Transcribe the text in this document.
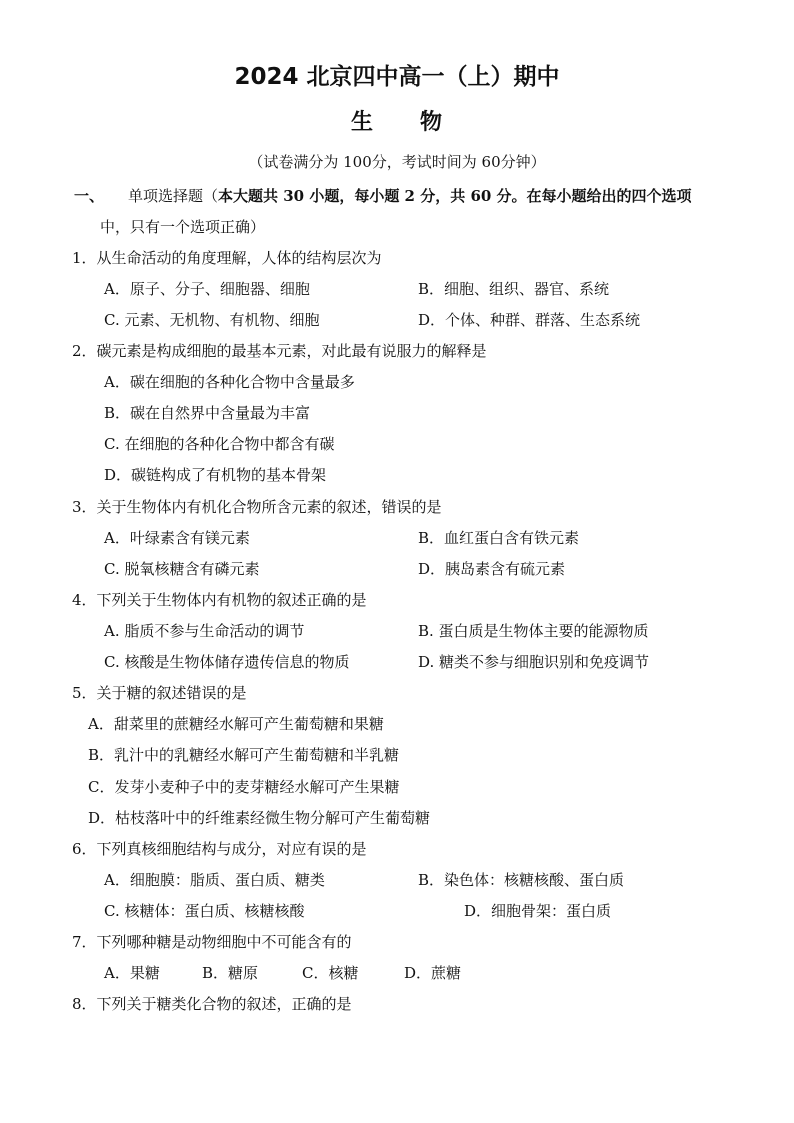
2024 北京四中高一（上）期中
生　　物
（试卷满分为 100分，考试时间为 60分钟）
一、 单项选择题（本大题共 30 小题，每小题 2 分，共 60 分。在每小题给出的四个选项
中，只有一个选项正确）
1．从生命活动的角度理解，人体的结构层次为
A．原子、分子、细胞器、细胞	B．细胞、组织、器官、系统
C. 元素、无机物、有机物、细胞	D．个体、种群、群落、生态系统
2．碳元素是构成细胞的最基本元素，对此最有说服力的解释是
A．碳在细胞的各种化合物中含量最多
B．碳在自然界中含量最为丰富
C. 在细胞的各种化合物中都含有碳
D．碳链构成了有机物的基本骨架
3．关于生物体内有机化合物所含元素的叙述，错误的是
A．叶绿素含有镁元素	B．血红蛋白含有铁元素
C. 脱氧核糖含有磷元素	D．胰岛素含有硫元素
4．下列关于生物体内有机物的叙述正确的是
A. 脂质不参与生命活动的调节	B. 蛋白质是生物体主要的能源物质
C. 核酸是生物体储存遗传信息的物质	D. 糖类不参与细胞识别和免疫调节
5．关于糖的叙述错误的是
A．甜菜里的蔗糖经水解可产生葡萄糖和果糖
B．乳汁中的乳糖经水解可产生葡萄糖和半乳糖
C．发芽小麦种子中的麦芽糖经水解可产生果糖
D．枯枝落叶中的纤维素经微生物分解可产生葡萄糖
6．下列真核细胞结构与成分，对应有误的是
A．细胞膜：脂质、蛋白质、糖类	B．染色体：核糖核酸、蛋白质
C. 核糖体：蛋白质、核糖核酸	D．细胞骨架：蛋白质
7．下列哪种糖是动物细胞中不可能含有的
A．果糖	B．糖原	C．核糖	D．蔗糖
8．下列关于糖类化合物的叙述，正确的是
